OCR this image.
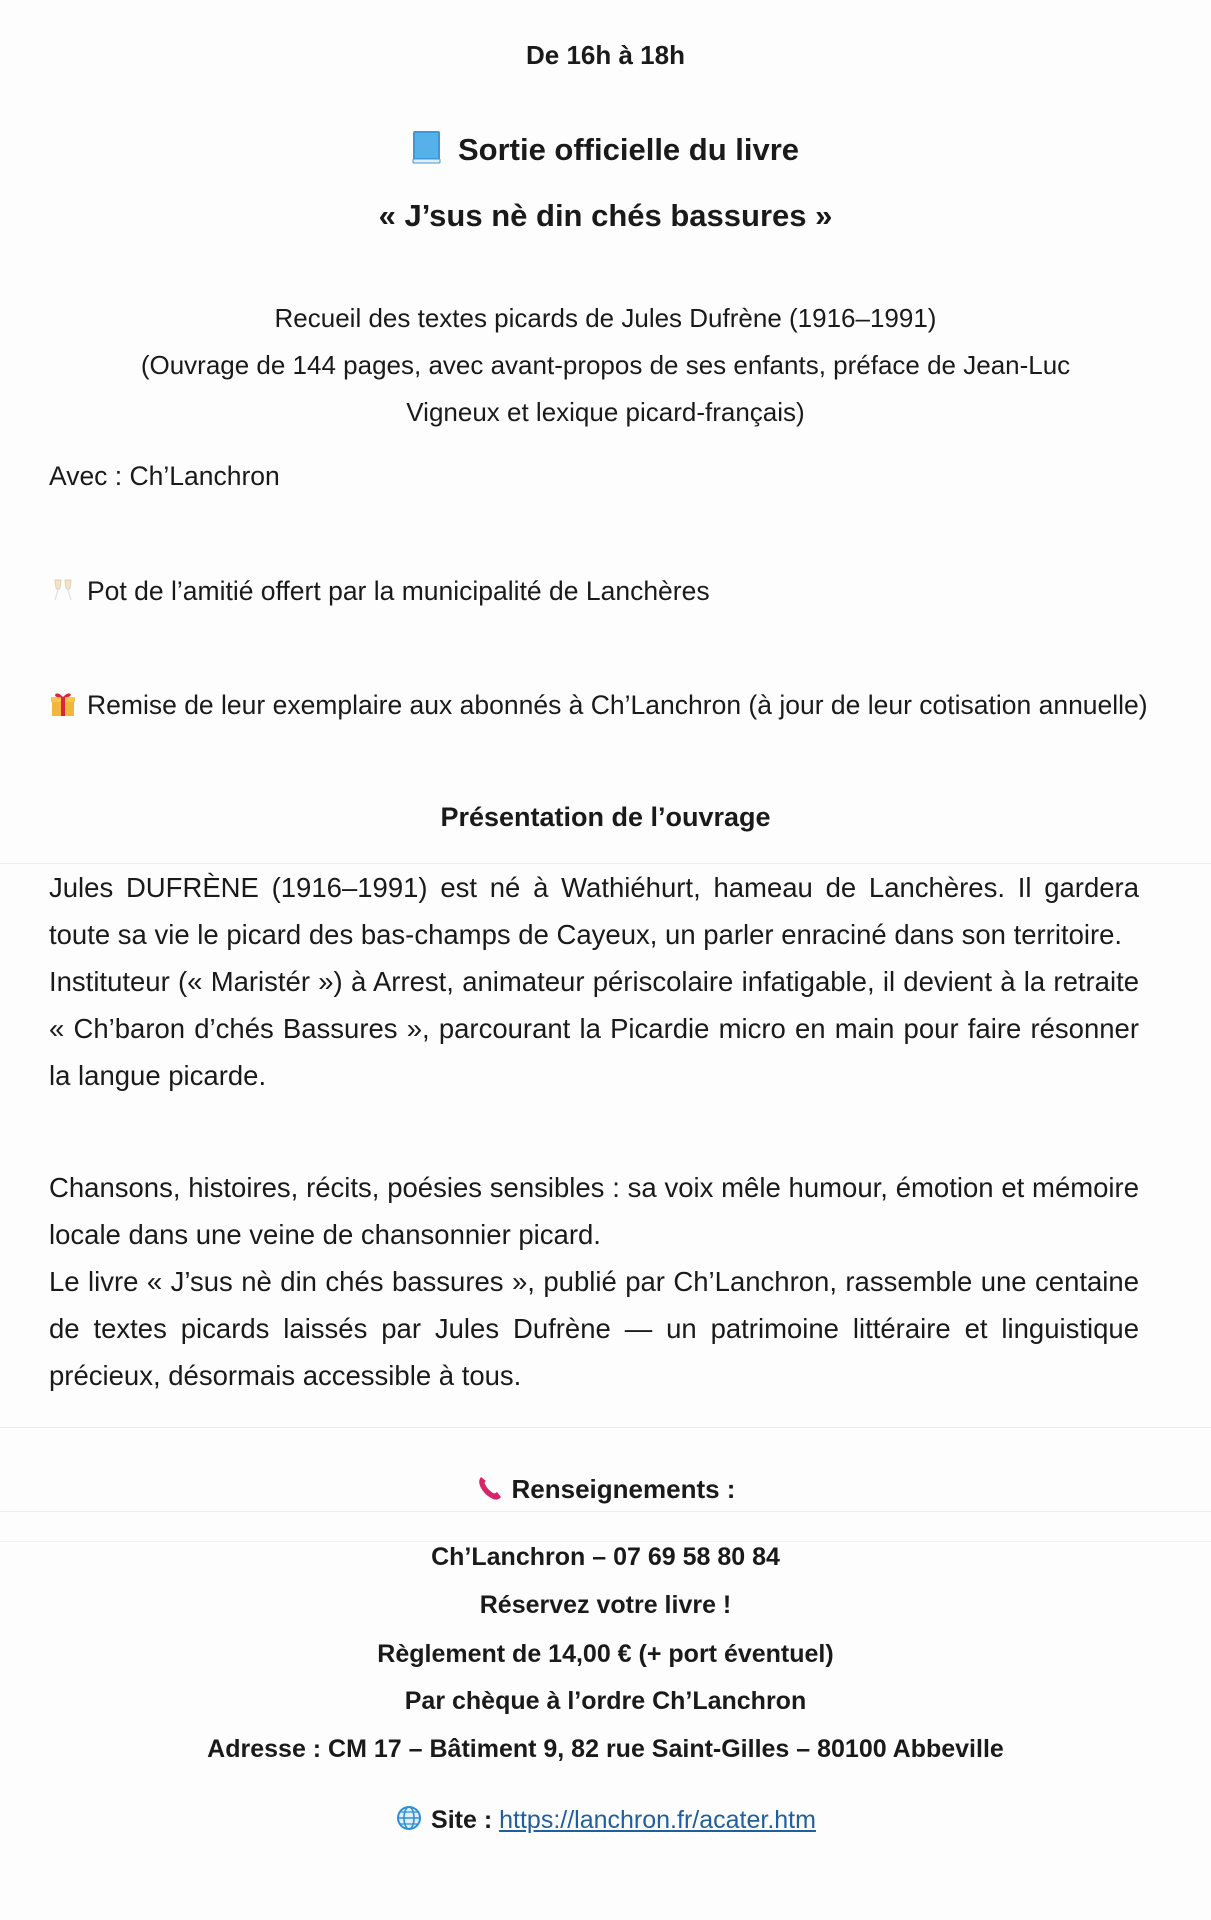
De 16h à 18h
Sortie officielle du livre
« J’sus nè din chés bassures »
Recueil des textes picards de Jules Dufrène (1916–1991)
(Ouvrage de 144 pages, avec avant-propos de ses enfants, préface de Jean-Luc
Vigneux et lexique picard-français)
Avec : Ch’Lanchron
Pot de l’amitié offert par la municipalité de Lanchères
Remise de leur exemplaire aux abonnés à Ch’Lanchron (à jour de leur cotisation annuelle)
Présentation de l’ouvrage
Jules DUFRÈNE (1916–1991) est né à Wathiéhurt, hameau de Lanchères. Il gardera toute sa vie le picard des bas-champs de Cayeux, un parler enraciné dans son territoire.
Instituteur (« Maristér ») à Arrest, animateur périscolaire infatigable, il devient à la retraite « Ch’baron d’chés Bassures », parcourant la Picardie micro en main pour faire résonner la langue picarde.
Chansons, histoires, récits, poésies sensibles : sa voix mêle humour, émotion et mémoire locale dans une veine de chansonnier picard.
Le livre « J’sus nè din chés bassures », publié par Ch’Lanchron, rassemble une centaine de textes picards laissés par Jules Dufrène — un patrimoine littéraire et linguistique précieux, désormais accessible à tous.
Renseignements :
Ch’Lanchron – 07 69 58 80 84
Réservez votre livre !
Règlement de 14,00 € (+ port éventuel)
Par chèque à l’ordre Ch’Lanchron
Adresse : CM 17 – Bâtiment 9, 82 rue Saint-Gilles – 80100 Abbeville
Site : https://lanchron.fr/acater.htm
